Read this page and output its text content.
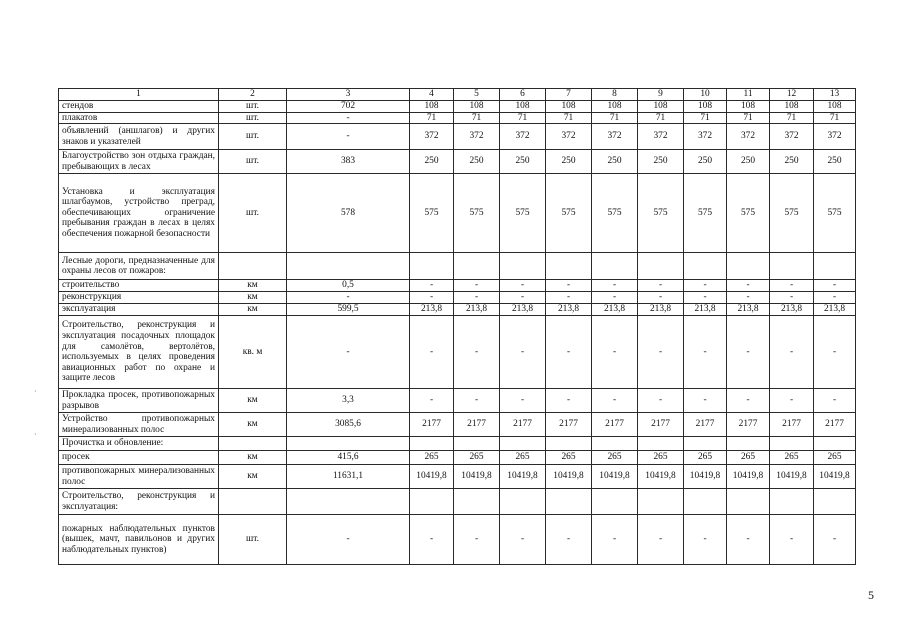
1	2	3	4	5	6	7	8	9	10	11	12	13
стендов	шт.	702	108	108	108	108	108	108	108	108	108	108
плакатов	шт.	-	71	71	71	71	71	71	71	71	71	71
объявлений (аншлагов) и других знаков и указателей	шт.	-	372	372	372	372	372	372	372	372	372	372
Благоустройство зон отдыха граждан, пребывающих в лесах	шт.	383	250	250	250	250	250	250	250	250	250	250
Установка и эксплуатация шлагбаумов, устройство преград, обеспечивающих ограничение пребывания граждан в лесах в целях обеспечения пожарной безопасности	шт.	578	575	575	575	575	575	575	575	575	575	575
Лесные дороги, предназначенные для охраны лесов от пожаров:												
строительство	км	0,5	-	-	-	-	-	-	-	-	-	-
реконструкция	км	-	-	-	-	-	-	-	-	-	-	-
эксплуатация	км	599,5	213,8	213,8	213,8	213,8	213,8	213,8	213,8	213,8	213,8	213,8
Строительство, реконструкция и эксплуатация посадочных площадок для самолётов, вертолётов, используемых в целях проведения авиационных работ по охране и защите лесов	кв. м	-	-	-	-	-	-	-	-	-	-	-
Прокладка просек, противопожарных разрывов	км	3,3	-	-	-	-	-	-	-	-	-	-
Устройство противопожарных минерализованных полос	км	3085,6	2177	2177	2177	2177	2177	2177	2177	2177	2177	2177
Прочистка и обновление:												
просек	км	415,6	265	265	265	265	265	265	265	265	265	265
противопожарных минерализованных полос	км	11631,1	10419,8	10419,8	10419,8	10419,8	10419,8	10419,8	10419,8	10419,8	10419,8	10419,8
Строительство, реконструкция и эксплуатация:												
пожарных наблюдательных пунктов (вышек, мачт, павильонов и других наблюдательных пунктов)	шт.	-	-	-	-	-	-	-	-	-	-	-
5
·
·
